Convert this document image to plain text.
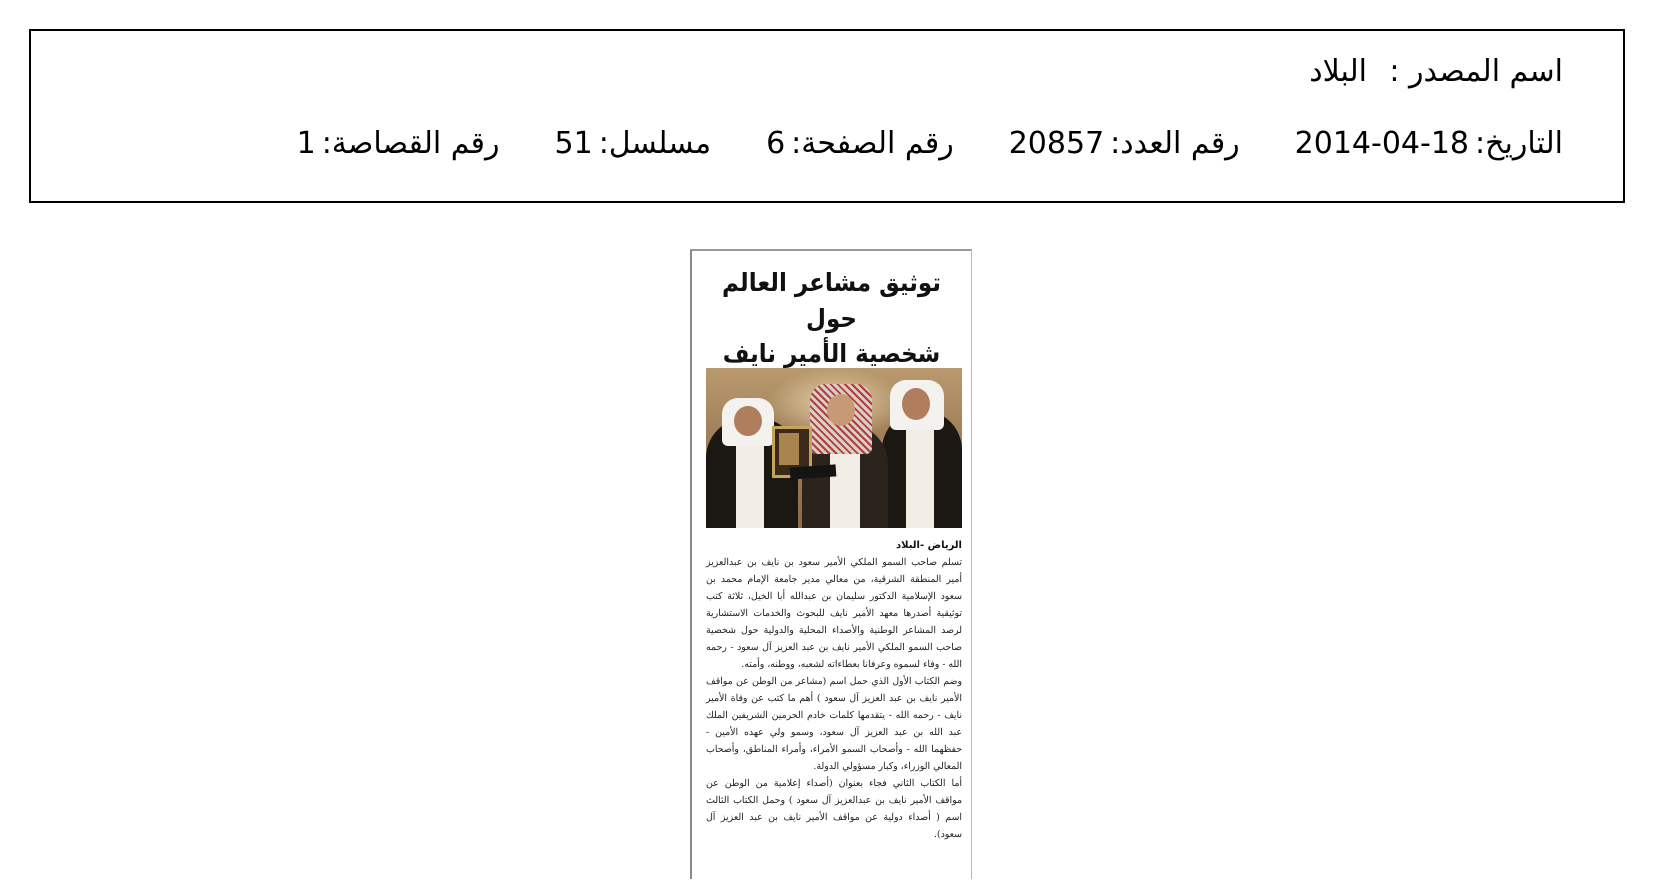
اسم المصدر :
البلاد
التاريخ:
2014-04-18
رقم العدد:
20857
رقم الصفحة:
6
مسلسل:
51
رقم القصاصة:
1
توثيق مشاعر العالم حول
شخصية الأمير نايف
الرياض -البلاد

تسلم صاحب السمو الملكي الأمير سعود بن نايف بن عبدالعزيز أمير المنطقة الشرقية، من معالي مدير جامعة الإمام محمد بن سعود الإسلامية الدكتور سليمان بن عبدالله أبا الخيل، ثلاثة كتب توثيقية أصدرها معهد الأمير نايف للبحوث والخدمات الاستشارية لرصد المشاعر الوطنية والأصداء المحلية والدولية حول شخصية صاحب السمو الملكي الأمير نايف بن عبد العزيز آل سعود - رحمه الله - وفاء لسموه وعرفانا بعطاءاته لشعبه، ووطنه، وأمته.

وضم الكتاب الأول الذي حمل اسم (مشاعر من الوطن عن مواقف الأمير نايف بن عبد العزيز آل سعود ) أهم ما كتب عن وفاة الأمير نايف - رحمه الله - يتقدمها كلمات خادم الحرمين الشريفين الملك عبد الله بن عبد العزيز آل سعود، وسمو ولي عهده الأمين - حفظهما الله - وأصحاب السمو الأمراء، وأمراء المناطق، وأصحاب المعالي الوزراء، وكبار مسؤولي الدولة.

أما الكتاب الثاني فجاء بعنوان (أصداء إعلامية من الوطن عن مواقف الأمير نايف بن عبدالعزيز آل سعود ) وحمل الكتاب الثالث اسم ( أصداء دولية عن مواقف الأمير نايف بن عبد العزيز آل سعود).
